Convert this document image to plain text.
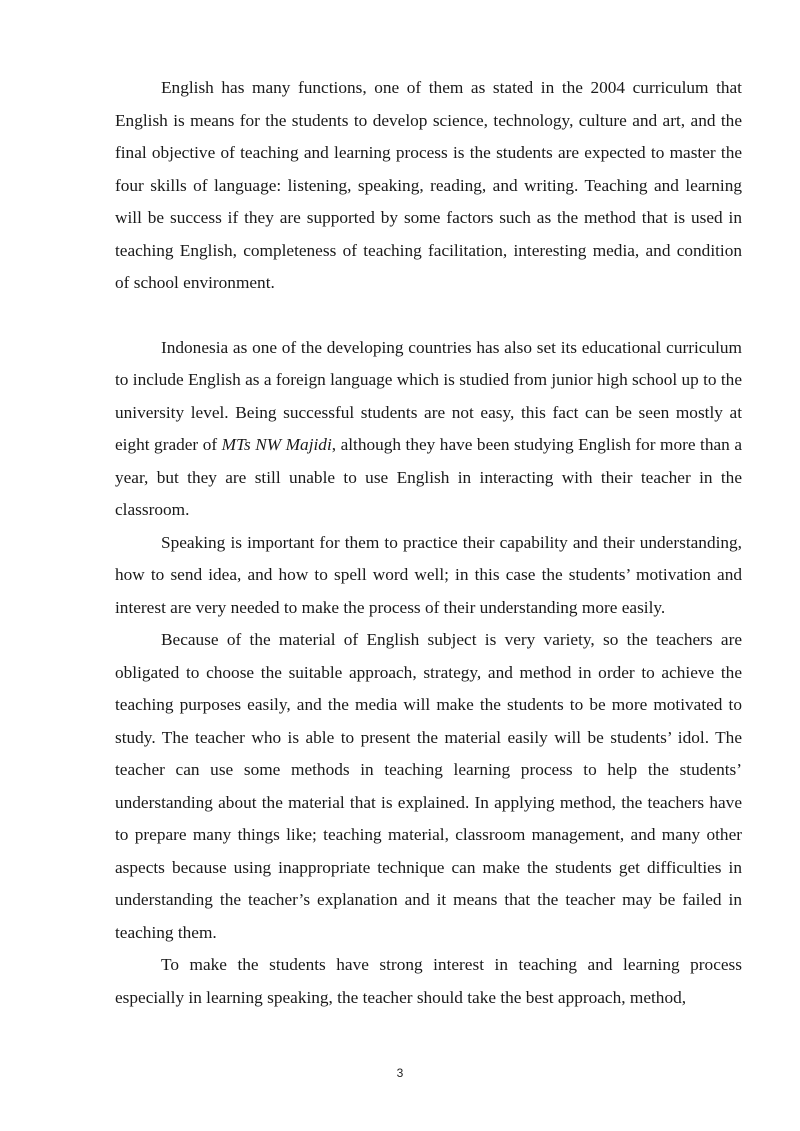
English has many functions, one of them as stated in the 2004 curriculum that English is means for the students to develop science, technology, culture and art, and the final objective of teaching and learning process is the students are expected to master the four skills of language: listening, speaking, reading, and writing. Teaching and learning will be success if they are supported by some factors such as the method that is used in teaching English, completeness of teaching facilitation, interesting media, and condition of school environment.

Indonesia as one of the developing countries has also set its educational curriculum to include English as a foreign language which is studied from junior high school up to the university level. Being successful students are not easy, this fact can be seen mostly at eight grader of MTs NW Majidi, although they have been studying English for more than a year, but they are still unable to use English in interacting with their teacher in the classroom.

Speaking is important for them to practice their capability and their understanding, how to send idea, and how to spell word well; in this case the students’ motivation and interest are very needed to make the process of their understanding more easily.

Because of the material of English subject is very variety, so the teachers are obligated to choose the suitable approach, strategy, and method in order to achieve the teaching purposes easily, and the media will make the students to be more motivated to study. The teacher who is able to present the material easily will be students’ idol. The teacher can use some methods in teaching learning process to help the students’ understanding about the material that is explained. In applying method, the teachers have to prepare many things like; teaching material, classroom management, and many other aspects because using inappropriate technique can make the students get difficulties in understanding the teacher’s explanation and it means that the teacher may be failed in teaching them.

To make the students have strong interest in teaching and learning process especially in learning speaking, the teacher should take the best approach, method,

3
